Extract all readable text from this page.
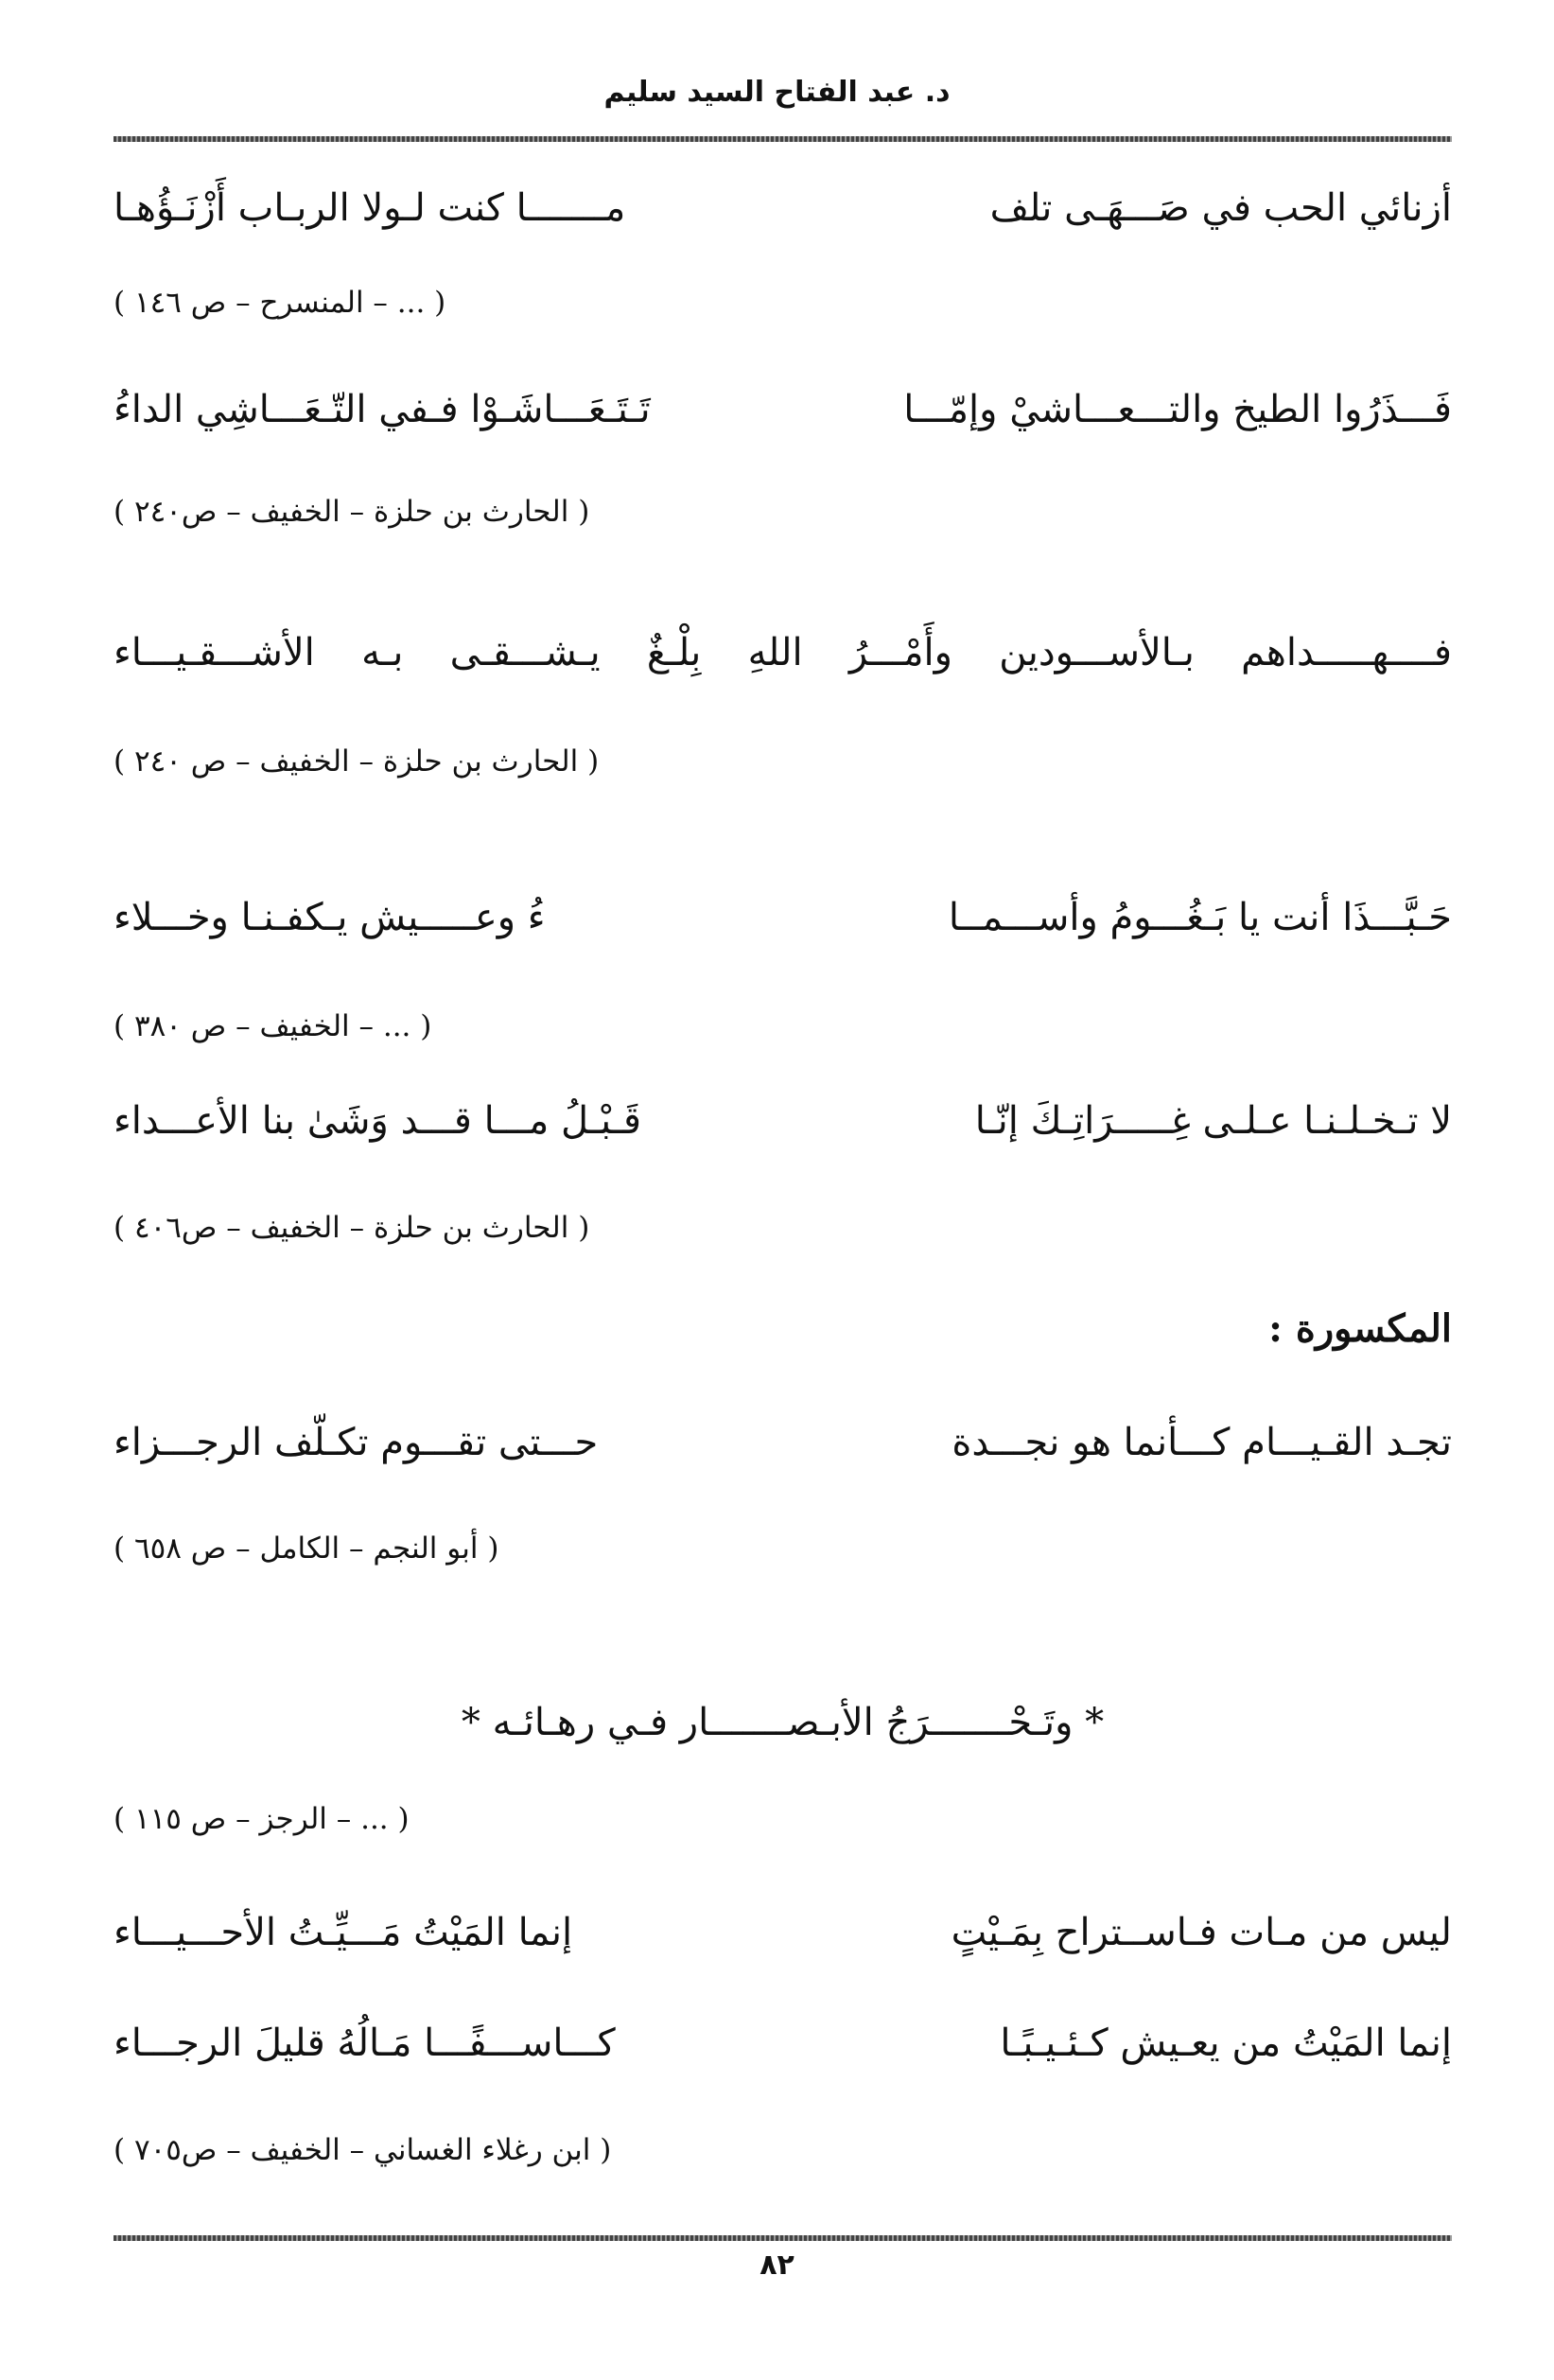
د. عبد الفتاح السيد سليم
أزنائي الحب في صَـــهَـى تلف
مـــــــا كنت لـولا الربـاب أَزْنَـؤُهـا
( ... – المنسرح – ص ١٤٦ )
فَـــذَرُوا الطيخ والتـــعـــاشيْ وإمّـــا
تَـتَـعَـــاشَـوْا فـفي التّـعَـــاشِي الداءُ
( الحارث بن حلزة – الخفيف – ص٢٤٠ )
فــــهـــــداهم بـالأســـودين وأَمْـــرُ اللهِ بِلْـغٌ يـشـــقـى بـه الأشـــقـيـــاء
( الحارث بن حلزة – الخفيف – ص ٢٤٠ )
حَـبَّـــذَا أنت يا بَـغُـــومُ وأســـمــا
ءُ وعـــــيش يـكفـنـا وخـــلاء
( ... – الخفيف – ص ٣٨٠ )
لا تـخـلـنـا عـلـى غِـــــرَاتِـكَ إنّـا
قَـبْـلُ مـــا قـــد وَشَىٰ بنا الأعـــداء
( الحارث بن حلزة – الخفيف – ص٤٠٦ )
المكسورة :
تجـد القـيـــام كـــأنما هو نجـــدة
حـــتى تقـــوم تكـلّف الرجـــزاء
( أبو النجم – الكامل – ص ٦٥٨ )
* وتَـحْـــــــرَجُ الأبـصـــــــار فـي رهـائـه *
( ... – الرجز – ص ١١٥ )
ليس من مـات فـاســتراح بِمَـيْتٍ
إنما المَيْتُ مَـــيِّـتُ الأحـــيـــاء
إنما المَيْتُ من يعـيش كـئـيـبًـا
كـــاســـفًـــا مَـالُهُ قليلَ الرجـــاء
( ابن رغلاء الغساني – الخفيف – ص٧٠٥ )
٨٢
